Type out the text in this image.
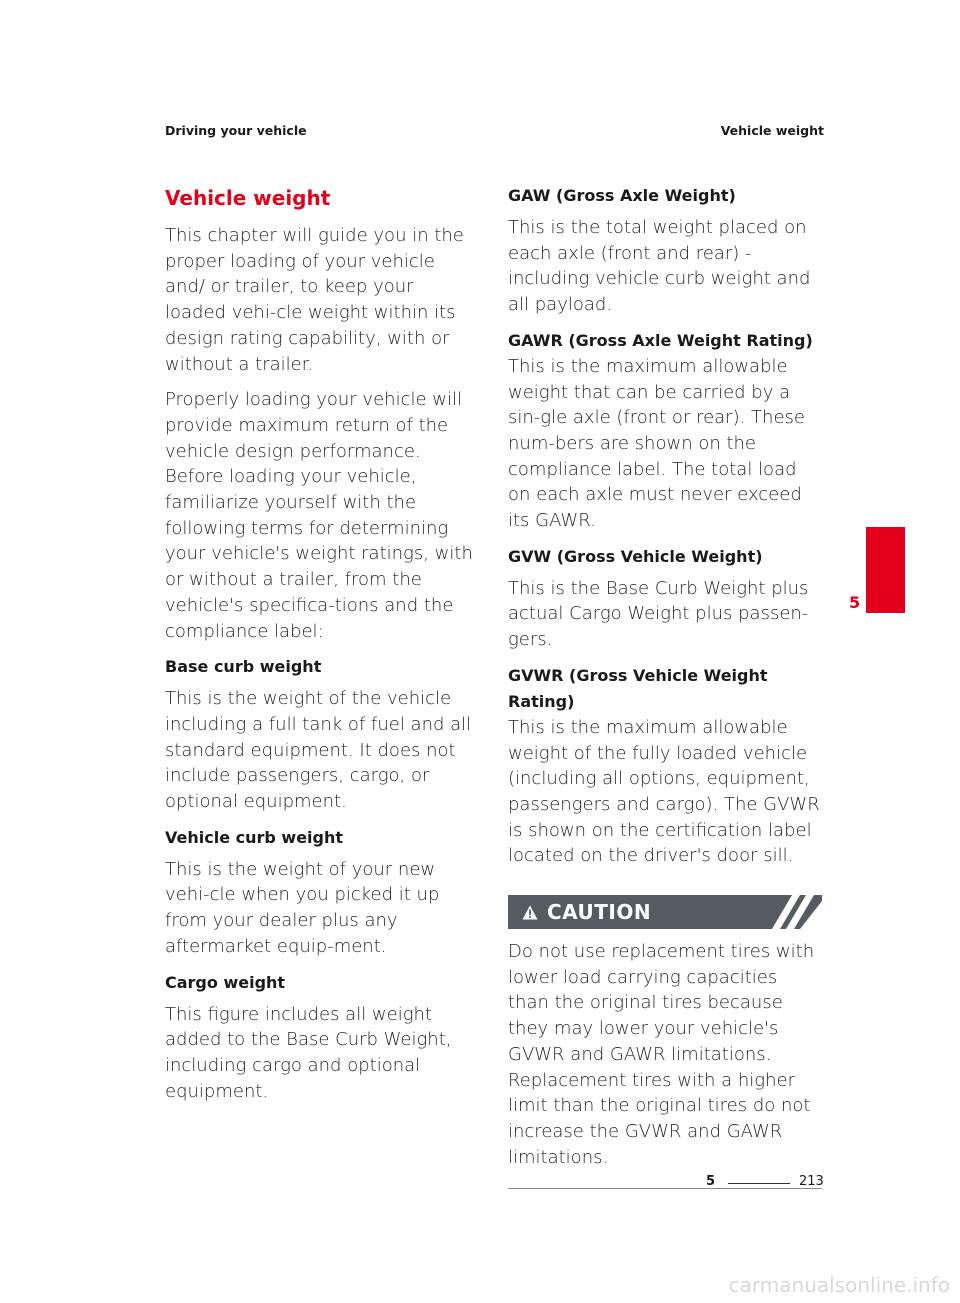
Driving your vehicle	Vehicle weight
Vehicle weight
This chapter will guide you in the proper loading of your vehicle and/ or trailer, to keep your loaded vehi-cle weight within its design rating capability, with or without a trailer.
Properly loading your vehicle will provide maximum return of the vehicle design performance. Before loading your vehicle, familiarize yourself with the following terms for determining your vehicle's weight ratings, with or without a trailer, from the vehicle's specifica-tions and the compliance label:
Base curb weight
This is the weight of the vehicle including a full tank of fuel and all standard equipment. It does not include passengers, cargo, or optional equipment.
Vehicle curb weight
This is the weight of your new vehi-cle when you picked it up from your dealer plus any aftermarket equip-ment.
Cargo weight
This figure includes all weight added to the Base Curb Weight, including cargo and optional equipment.
GAW (Gross Axle Weight)
This is the total weight placed on each axle (front and rear) - including vehicle curb weight and all payload.
GAWR (Gross Axle Weight Rating)
This is the maximum allowable weight that can be carried by a sin-gle axle (front or rear). These num-bers are shown on the compliance label. The total load on each axle must never exceed its GAWR.
GVW (Gross Vehicle Weight)
This is the Base Curb Weight plus actual Cargo Weight plus passen-gers.
GVWR (Gross Vehicle Weight Rating)
This is the maximum allowable weight of the fully loaded vehicle (including all options, equipment, passengers and cargo). The GVWR is shown on the certification label located on the driver's door sill.
CAUTION
Do not use replacement tires with lower load carrying capacities than the original tires because they may lower your vehicle's GVWR and GAWR limitations. Replacement tires with a higher limit than the original tires do not increase the GVWR and GAWR limitations.
5
5	213
carmanualsonline.info
